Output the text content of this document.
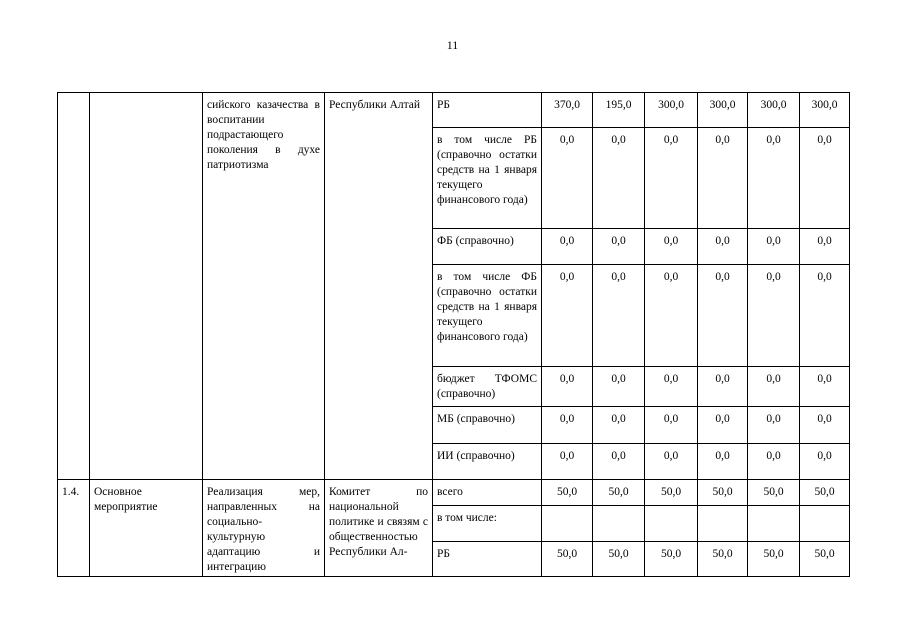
11
		сийского казачества в воспитании подрастающего поколения в духе патриотизма	Республики Алтай	РБ	370,0	195,0	300,0	300,0	300,0	300,0
				в том числе РБ (справочно остатки средств на 1 января текущего финансового года)	0,0	0,0	0,0	0,0	0,0	0,0
				ФБ (справочно)	0,0	0,0	0,0	0,0	0,0	0,0
				в том числе ФБ (справочно остатки средств на 1 января текущего финансового года)	0,0	0,0	0,0	0,0	0,0	0,0
				бюджет ТФОМС (справочно)	0,0	0,0	0,0	0,0	0,0	0,0
				МБ (справочно)	0,0	0,0	0,0	0,0	0,0	0,0
				ИИ (справочно)	0,0	0,0	0,0	0,0	0,0	0,0
1.4.	Основное мероприятие	Реализация мер, направленных на социально-культурную адаптацию и интеграцию	Комитет по национальной политике и связям с общественностью Республики Ал-	всего	50,0	50,0	50,0	50,0	50,0	50,0
				в том числе:						
				РБ	50,0	50,0	50,0	50,0	50,0	50,0
